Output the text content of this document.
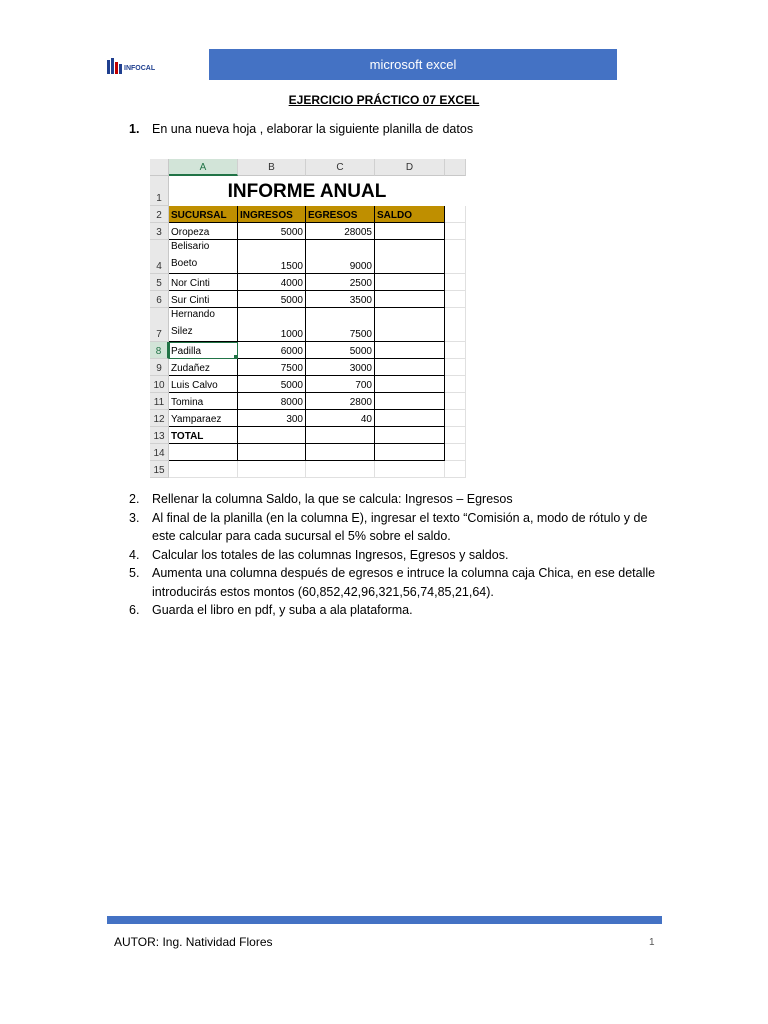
INFOCAL	microsoft excel
EJERCICIO PRÁCTICO 07 EXCEL
1. En una nueva hoja , elaborar la siguiente planilla de datos
A	B	C	D
1	INFORME ANUAL
2 SUCURSAL	INGRESOS	EGRESOS	SALDO
3 Oropeza	5000	28005
4
Belisario Boeto	1500	9000
5 Nor Cinti	4000	2500
6 Sur Cinti	5000	3500
7
Hernando Silez	1000	7500
8 Padilla	6000	5000
9 Zudañez	7500	3000
10 Luis Calvo	5000	700
11 Tomina	8000	2800
12 Yamparaez	300	40
13 TOTAL
14
15
2. Rellenar la columna Saldo, la que se calcula: Ingresos – Egresos
3. Al final de la planilla (en la columna E), ingresar el texto “Comisión a, modo de rótulo y de este calcular para cada sucursal el 5% sobre el saldo.
4. Calcular los totales de las columnas Ingresos, Egresos y saldos.
5. Aumenta una columna después de egresos e intruce la columna caja Chica, en ese detalle introducirás estos montos (60,852,42,96,321,56,74,85,21,64).
6. Guarda el libro en pdf, y suba a ala plataforma.
AUTOR: Ing. Natividad Flores	1
